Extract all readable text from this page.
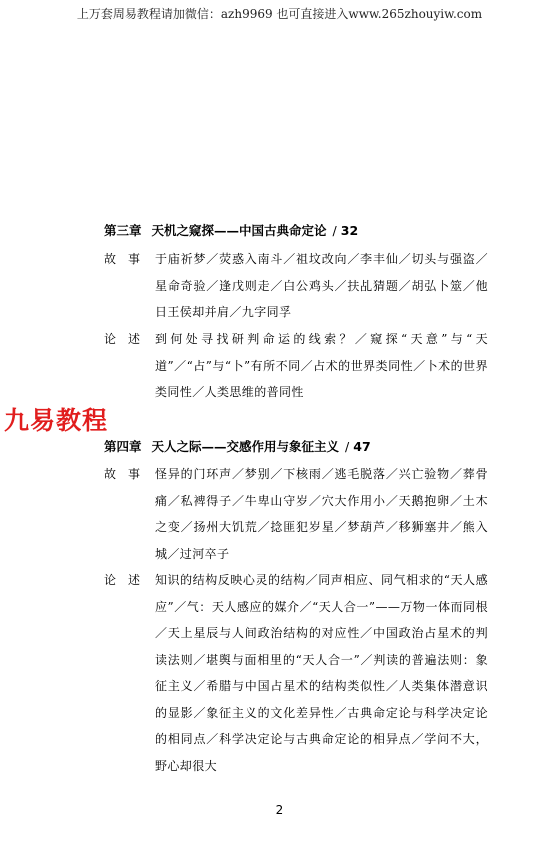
上万套周易教程请加微信：azh9969 也可直接进入www.265zhouyiw.com
第三章 天机之窥探——中国古典命定论 / 32
故事 于庙祈梦／荧惑入南斗／祖坟改向／李丰仙／切头与强盗／星命奇验／逢戊则走／白公鸡头／扶乩猜题／胡弘卜筮／他日王侯却并肩／九字同孚
论述 到何处寻找研判命运的线索？／窥探“天意”与“天道”／“占”与“卜”有所不同／占术的世界类同性／卜术的世界类同性／人类思维的普同性
九易教程
第四章 天人之际——交感作用与象征主义 / 47
故事 怪异的门环声／梦别／下核雨／逃毛脱落／兴亡验物／葬骨痛／私裨得子／牛卑山守岁／穴大作用小／天鹅抱卵／土木之变／扬州大饥荒／捻匪犯岁星／梦葫芦／移狮塞井／熊入城／过河卒子
论述 知识的结构反映心灵的结构／同声相应、同气相求的“天人感应”／气：天人感应的媒介／“天人合一”——万物一体而同根／天上星辰与人间政治结构的对应性／中国政治占星术的判读法则／堪舆与面相里的“天人合一”／判读的普遍法则：象征主义／希腊与中国占星术的结构类似性／人类集体潜意识的显影／象征主义的文化差异性／古典命定论与科学决定论的相同点／科学决定论与古典命定论的相异点／学问不大，野心却很大
2
